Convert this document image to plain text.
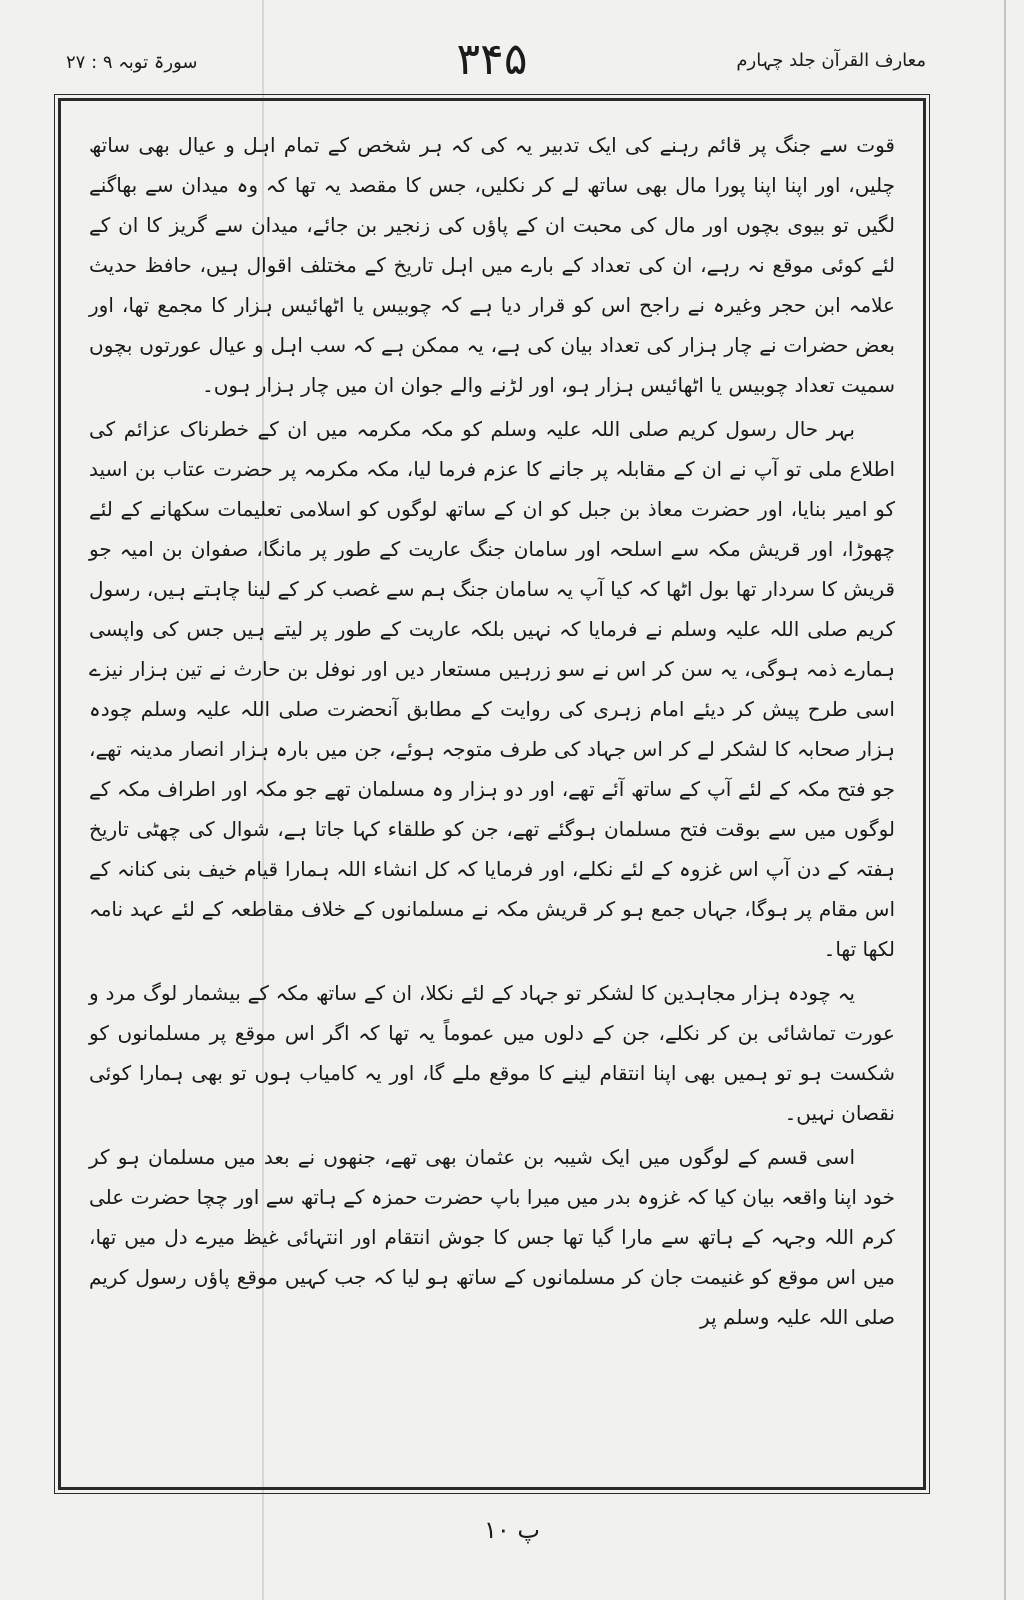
سورۃ توبہ ۹ : ۲۷	۳۴۵	معارف القرآن جلد چہارم

قوت سے جنگ پر قائم رہنے کی ایک تدبیر یہ کی کہ ہر شخص کے تمام اہل و عیال بھی ساتھ چلیں، اور اپنا اپنا پورا مال بھی ساتھ لے کر نکلیں، جس کا مقصد یہ تھا کہ وہ میدان سے بھاگنے لگیں تو بیوی بچوں اور مال کی محبت ان کے پاؤں کی زنجیر بن جائے، میدان سے گریز کا ان کے لئے کوئی موقع نہ رہے، ان کی تعداد کے بارے میں اہل تاریخ کے مختلف اقوال ہیں، حافظ حدیث علامہ ابن حجر وغیرہ نے راجح اس کو قرار دیا ہے کہ چوبیس یا اٹھائیس ہزار کا مجمع تھا، اور بعض حضرات نے چار ہزار کی تعداد بیان کی ہے، یہ ممکن ہے کہ سب اہل و عیال عورتوں بچوں سمیت تعداد چوبیس یا اٹھائیس ہزار ہو، اور لڑنے والے جوان ان میں چار ہزار ہوں۔

بہر حال رسول کریم صلی اللہ علیہ وسلم کو مکہ مکرمہ میں ان کے خطرناک عزائم کی اطلاع ملی تو آپ نے ان کے مقابلہ پر جانے کا عزم فرما لیا، مکہ مکرمہ پر حضرت عتاب بن اسید کو امیر بنایا، اور حضرت معاذ بن جبل کو ان کے ساتھ لوگوں کو اسلامی تعلیمات سکھانے کے لئے چھوڑا، اور قریش مکہ سے اسلحہ اور سامان جنگ عاریت کے طور پر مانگا، صفوان بن امیہ جو قریش کا سردار تھا بول اٹھا کہ کیا آپ یہ سامان جنگ ہم سے غصب کر کے لینا چاہتے ہیں، رسول کریم صلی اللہ علیہ وسلم نے فرمایا کہ نہیں بلکہ عاریت کے طور پر لیتے ہیں جس کی واپسی ہمارے ذمہ ہوگی، یہ سن کر اس نے سو زرہیں مستعار دیں اور نوفل بن حارث نے تین ہزار نیزے اسی طرح پیش کر دیئے امام زہری کی روایت کے مطابق آنحضرت صلی اللہ علیہ وسلم چودہ ہزار صحابہ کا لشکر لے کر اس جہاد کی طرف متوجہ ہوئے، جن میں بارہ ہزار انصار مدینہ تھے، جو فتح مکہ کے لئے آپ کے ساتھ آئے تھے، اور دو ہزار وہ مسلمان تھے جو مکہ اور اطراف مکہ کے لوگوں میں سے بوقت فتح مسلمان ہوگئے تھے، جن کو طلقاء کہا جاتا ہے، شوال کی چھٹی تاریخ ہفتہ کے دن آپ اس غزوہ کے لئے نکلے، اور فرمایا کہ کل انشاء اللہ ہمارا قیام خیف بنی کنانہ کے اس مقام پر ہوگا، جہاں جمع ہو کر قریش مکہ نے مسلمانوں کے خلاف مقاطعہ کے لئے عہد نامہ لکھا تھا۔

یہ چودہ ہزار مجاہدین کا لشکر تو جہاد کے لئے نکلا، ان کے ساتھ مکہ کے بیشمار لوگ مرد و عورت تماشائی بن کر نکلے، جن کے دلوں میں عموماً یہ تھا کہ اگر اس موقع پر مسلمانوں کو شکست ہو تو ہمیں بھی اپنا انتقام لینے کا موقع ملے گا، اور یہ کامیاب ہوں تو بھی ہمارا کوئی نقصان نہیں۔

اسی قسم کے لوگوں میں ایک شیبہ بن عثمان بھی تھے، جنھوں نے بعد میں مسلمان ہو کر خود اپنا واقعہ بیان کیا کہ غزوہ بدر میں میرا باپ حضرت حمزہ کے ہاتھ سے اور چچا حضرت علی کرم اللہ وجہہ کے ہاتھ سے مارا گیا تھا جس کا جوش انتقام اور انتہائی غیظ میرے دل میں تھا، میں اس موقع کو غنیمت جان کر مسلمانوں کے ساتھ ہو لیا کہ جب کہیں موقع پاؤں رسول کریم صلی اللہ علیہ وسلم پر

پ ۱۰
